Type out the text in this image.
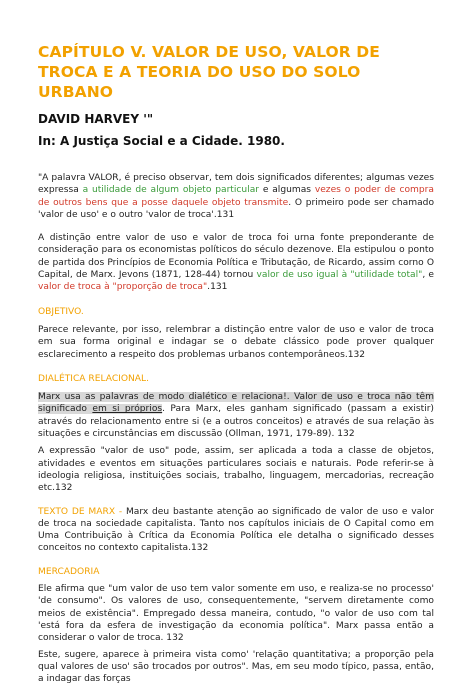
CAPÍTULO V. VALOR DE USO, VALOR DE TROCA E A TEORIA DO USO DO SOLO URBANO
DAVID HARVEY '"
In: A Justiça Social e a Cidade. 1980.

"A palavra VALOR, é preciso observar, tem dois significados diferentes; algumas vezes expressa a utilidade de algum objeto particular e algumas vezes o poder de compra de outros bens que a posse daquele objeto transmite. O primeiro pode ser chamado 'valor de uso' e o outro 'valor de troca'.131

A distinção entre valor de uso e valor de troca foi urna fonte preponderante de consideração para os economistas políticos do século dezenove. Ela estipulou o ponto de partida dos Princípios de Economia Política e Tributação, de Ricardo, assim corno O Capital, de Marx. Jevons (1871, 128-44) tornou valor de uso igual à "utilidade total", e valor de troca à "proporção de troca".131

OBJETIVO.

Parece relevante, por isso, relembrar a distinção entre valor de uso e valor de troca em sua forma original e indagar se o debate clássico pode prover qualquer esclarecimento a respeito dos problemas urbanos contemporâneos.132

DIALÉTICA RELACIONAL.

Marx usa as palavras de modo dialético e relaciona!. Valor de uso e troca não têm significado em si próprios. Para Marx, eles ganham significado (passam a existir) através do relacionamento entre si (e a outros conceitos) e através de sua relação às situações e circunstâncias em discussão (Ollman, 1971, 179-89). 132

A expressão "valor de uso" pode, assim, ser aplicada a toda a classe de objetos, atividades e eventos em situações particulares sociais e naturais. Pode referir-se à ideologia religiosa, instituições sociais, trabalho, linguagem, mercadorias, recreação etc.132

TEXTO DE MARX - Marx deu bastante atenção ao significado de valor de uso e valor de troca na sociedade capitalista. Tanto nos capítulos iniciais de O Capital como em Uma Contribuição à Crítica da Economia Política ele detalha o significado desses conceitos no contexto capitalista.132

MERCADORIA

Ele afirma que "um valor de uso tem valor somente em uso, e realiza-se no processo' 'de consumo". Os valores de uso, consequentemente, "servem diretamente como meios de existência". Empregado dessa maneira, contudo, "o valor de uso com tal 'está fora da esfera de investigação da economia política". Marx passa então a considerar o valor de troca. 132

Este, sugere, aparece à primeira vista como' 'relação quantitativa; a proporção pela qual valores de uso' são trocados por outros". Mas, em seu modo típico, passa, então, a indagar das forças
